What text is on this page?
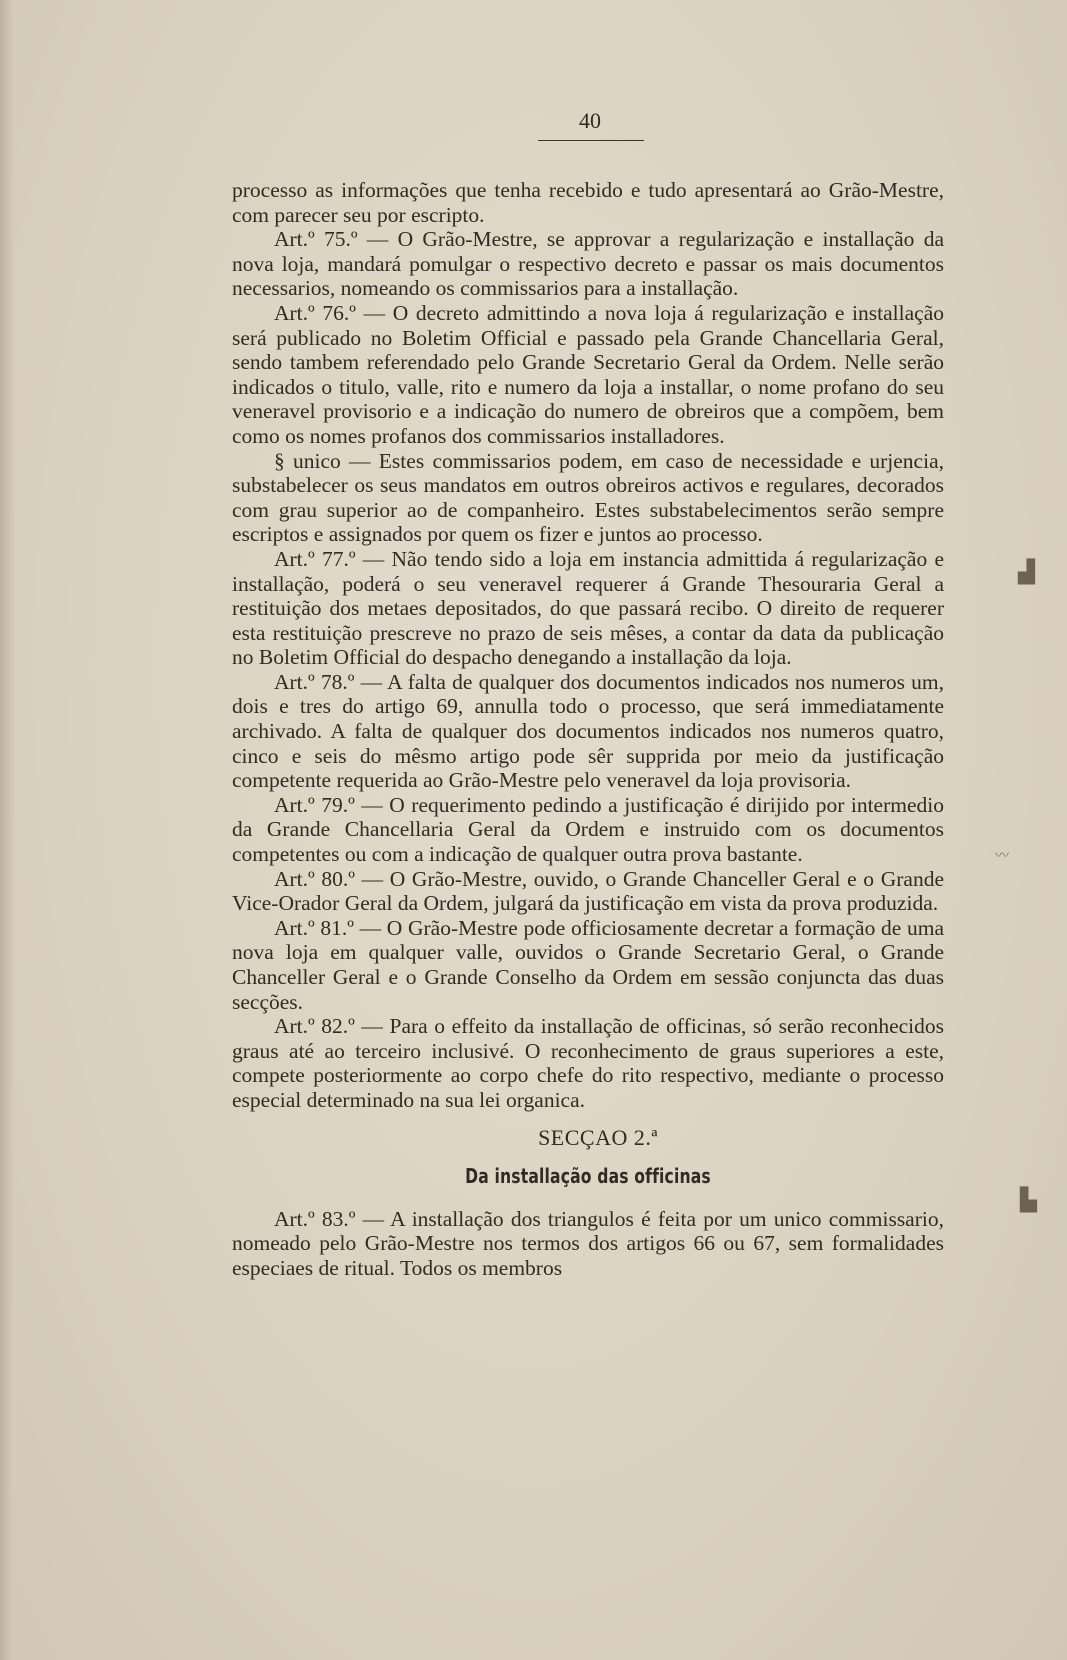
40

processo as informações que tenha recebido e tudo apresentará ao Grão-Mestre, com parecer seu por escripto.

Art.º 75.º — O Grão-Mestre, se approvar a regularização e installação da nova loja, mandará pomulgar o respectivo decreto e passar os mais documentos necessarios, nomeando os commissarios para a installação.

Art.º 76.º — O decreto admittindo a nova loja á regularização e installação será publicado no Boletim Official e passado pela Grande Chancellaria Geral, sendo tambem referendado pelo Grande Secretario Geral da Ordem. Nelle serão indicados o titulo, valle, rito e numero da loja a installar, o nome profano do seu veneravel provisorio e a indicação do numero de obreiros que a compõem, bem como os nomes profanos dos commissarios installadores.

§ unico — Estes commissarios podem, em caso de necessidade e urjencia, substabelecer os seus mandatos em outros obreiros activos e regulares, decorados com grau superior ao de companheiro. Estes substabelecimentos serão sempre escriptos e assignados por quem os fizer e juntos ao processo.

Art.º 77.º — Não tendo sido a loja em instancia admittida á regularização e installação, poderá o seu veneravel requerer á Grande Thesouraria Geral a restituição dos metaes depositados, do que passará recibo. O direito de requerer esta restituição prescreve no prazo de seis mêses, a contar da data da publicação no Boletim Official do despacho denegando a installação da loja.

Art.º 78.º — A falta de qualquer dos documentos indicados nos numeros um, dois e tres do artigo 69, annulla todo o processo, que será immediatamente archivado. A falta de qualquer dos documentos indicados nos numeros quatro, cinco e seis do mêsmo artigo pode sêr supprida por meio da justificação competente requerida ao Grão-Mestre pelo veneravel da loja provisoria.

Art.º 79.º — O requerimento pedindo a justificação é dirijido por intermedio da Grande Chancellaria Geral da Ordem e instruido com os documentos competentes ou com a indicação de qualquer outra prova bastante.

Art.º 80.º — O Grão-Mestre, ouvido, o Grande Chanceller Geral e o Grande Vice-Orador Geral da Ordem, julgará da justificação em vista da prova produzida.

Art.º 81.º — O Grão-Mestre pode officiosamente decretar a formação de uma nova loja em qualquer valle, ouvidos o Grande Secretario Geral, o Grande Chanceller Geral e o Grande Conselho da Ordem em sessão conjuncta das duas secções.

Art.º 82.º — Para o effeito da installação de officinas, só serão reconhecidos graus até ao terceiro inclusivé. O reconhecimento de graus superiores a este, compete posteriormente ao corpo chefe do rito respectivo, mediante o processo especial determinado na sua lei organica.

SECÇAO 2.ª
Da installação das officinas

Art.º 83.º — A installação dos triangulos é feita por um unico commissario, nomeado pelo Grão-Mestre nos termos dos artigos 66 ou 67, sem formalidades especiaes de ritual. Todos os membros

▟
〰
▙
